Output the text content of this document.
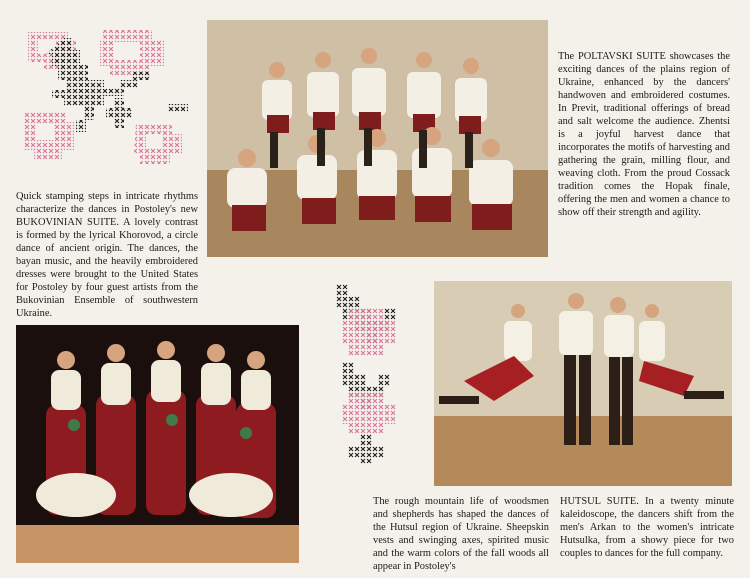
The POLTAVSKI SUITE showcases the exciting dances of the plains region of Ukraine, enhanced by the dancers' handwoven and embroidered costumes. In Previt, traditional offerings of bread and salt welcome the audience. Zhentsi is a joyful harvest dance that incorporates the motifs of harvesting and gathering the grain, milling flour, and weaving cloth. From the proud Cossack tradition comes the Hopak finale, offering the men and women a chance to show off their strength and agility.

Quick stamping steps in intricate rhythms characterize the dances in Postoley's new BUKOVINIAN SUITE. A lovely contrast is formed by the lyrical Khorovod, a circle dance of ancient origin. The dances, the bayan music, and the heavily embroidered dresses were brought to the United States for Postoley by four guest artists from the Bukovinian Ensemble of southwestern Ukraine.

The rough mountain life of woodsmen and shepherds has shaped the dances of the Hutsul region of Ukraine. Sheepskin vests and swinging axes, spirited music and the warm colors of the fall woods all appear in Postoley's

HUTSUL SUITE. In a twenty minute kaleidoscope, the dancers shift from the men's Arkan to the women's intricate Hutsulka, from a showy piece for two couples to dances for the full company.
